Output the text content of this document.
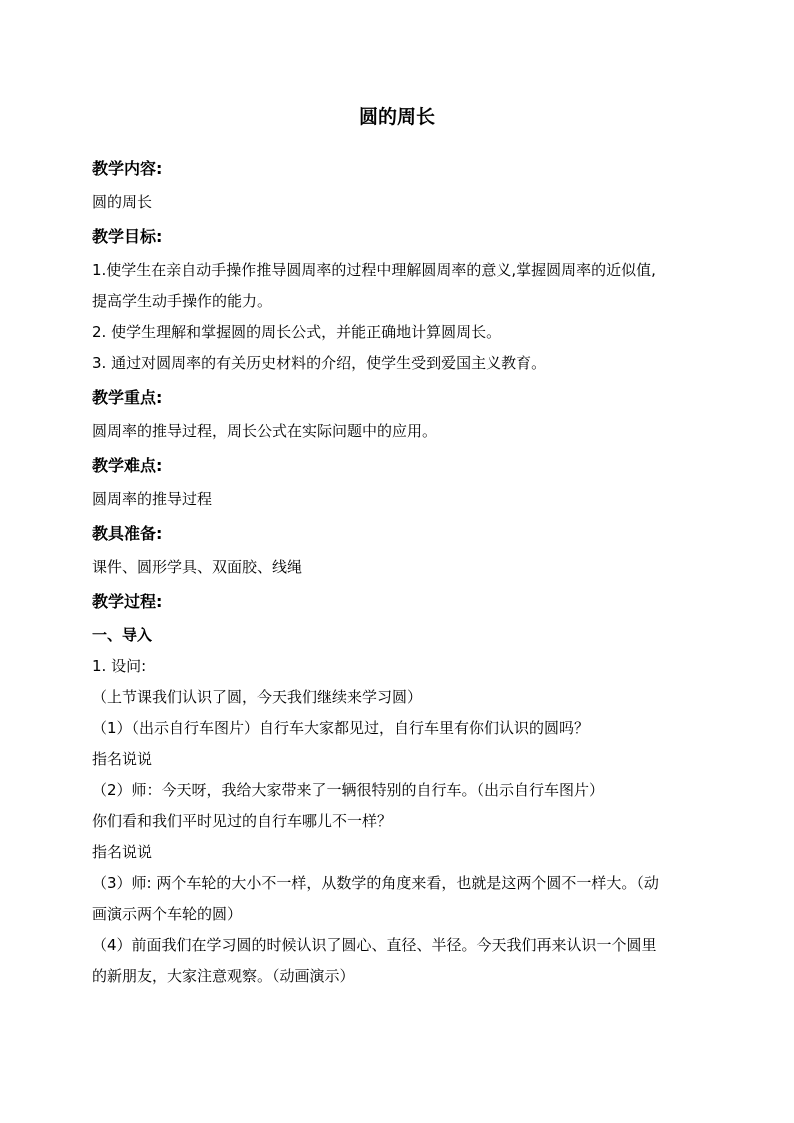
圆的周长
教学内容:
圆的周长
教学目标:
1.使学生在亲自动手操作推导圆周率的过程中理解圆周率的意义,掌握圆周率的近似值,
提高学生动手操作的能力。
2. 使学生理解和掌握圆的周长公式，并能正确地计算圆周长。
3. 通过对圆周率的有关历史材料的介绍，使学生受到爱国主义教育。
教学重点:
圆周率的推导过程，周长公式在实际问题中的应用。
教学难点:
圆周率的推导过程
教具准备:
课件、圆形学具、双面胶、线绳
教学过程:
一、导入
1. 设问:
（上节课我们认识了圆，今天我们继续来学习圆）
（1）（出示自行车图片）自行车大家都见过，自行车里有你们认识的圆吗？
指名说说
（2）师：今天呀，我给大家带来了一辆很特别的自行车。（出示自行车图片）
你们看和我们平时见过的自行车哪儿不一样？
指名说说
（3）师: 两个车轮的大小不一样，从数学的角度来看，也就是这两个圆不一样大。（动
画演示两个车轮的圆）
（4）前面我们在学习圆的时候认识了圆心、直径、半径。今天我们再来认识一个圆里
的新朋友，大家注意观察。（动画演示）
